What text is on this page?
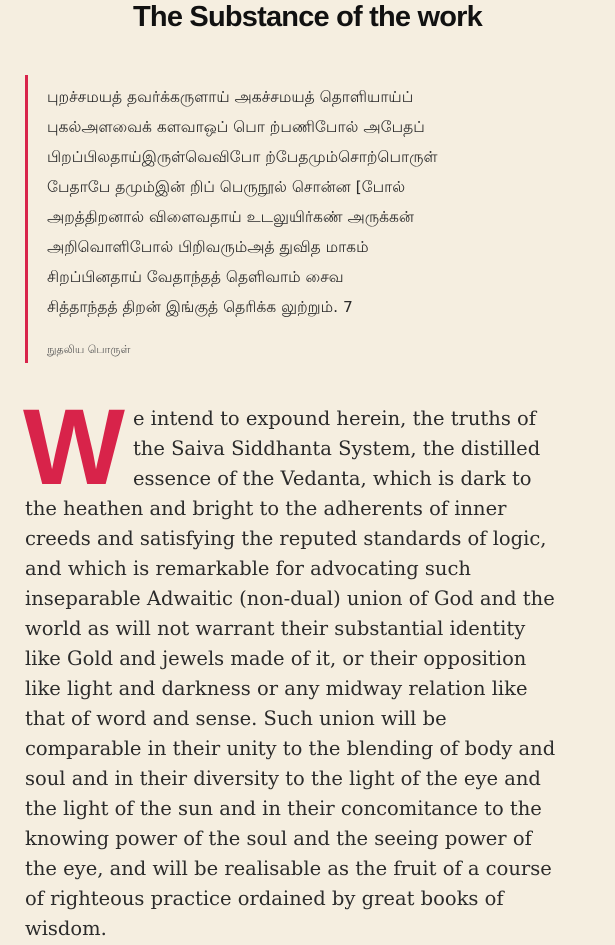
The Substance of the work
புறச்சமயத் தவர்க்கருளாய் அகச்சமயத் தொளியாய்ப்
புகல்அளவைக் களவாஒப் பொ ற்பணிபோல் அபேதப்
பிறப்பிலதாய்இருள்வெவிபோ ற்பேதமும்சொற்பொருள்
பேதாபே தமும்இன் றிப் பெருநூல் சொன்ன [போல்
அறத்திறனால் விளைவதாய் உடலுயிர்கண் அருக்கன்
அறிவொளிபோல் பிறிவரும்அத் துவித மாகம்
சிறப்பினதாய் வேதாந்தத் தெளிவாம் சைவ
சித்தாந்தத் திறன் இங்குத் தெரிக்க லுற்றும். 7
நுதலிய பொருள்
W e intend to expound herein, the truths of
the Saiva Siddhanta System, the distilled
essence of the Vedanta, which is dark to
the heathen and bright to the adherents of inner
creeds and satisfying the reputed standards of logic,
and which is remarkable for advocating such
inseparable Adwaitic (non-dual) union of God and the
world as will not warrant their substantial identity
like Gold and jewels made of it, or their opposition
like light and darkness or any midway relation like
that of word and sense. Such union will be
comparable in their unity to the blending of body and
soul and in their diversity to the light of the eye and
the light of the sun and in their concomitance to the
knowing power of the soul and the seeing power of
the eye, and will be realisable as the fruit of a course
of righteous practice ordained by great books of
wisdom.
